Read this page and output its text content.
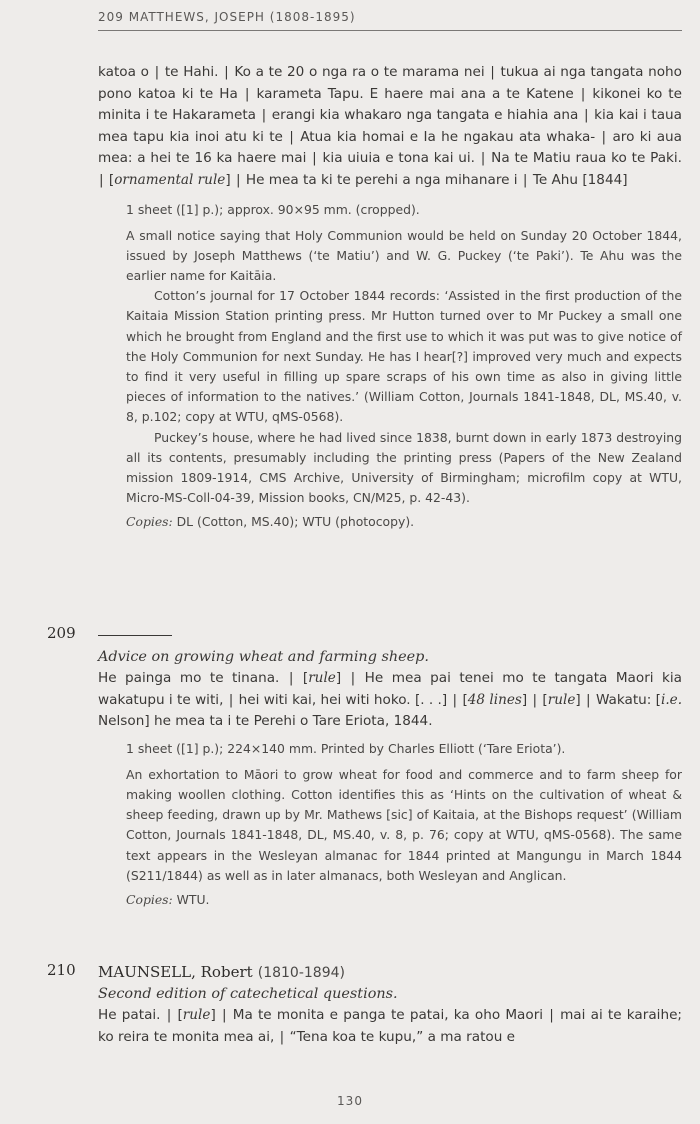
209 MATTHEWS, JOSEPH (1808-1895)

katoa o | te Hahi. | Ko a te 20 o nga ra o te marama nei | tukua ai nga tangata noho pono katoa ki te Ha | karameta Tapu. E haere mai ana a te Katene | kikonei ko te minita i te Hakarameta | erangi kia whakaro nga tangata e hiahia ana | kia kai i taua mea tapu kia inoi atu ki te | Atua kia homai e Ia he ngakau ata whaka- | aro ki aua mea: a hei te 16 ka haere mai | kia uiuia e tona kai ui. | Na te Matiu raua ko te Paki. | [ornamental rule] | He mea ta ki te perehi a nga mihanare i | Te Ahu [1844]

1 sheet ([1] p.); approx. 90×95 mm. (cropped).

A small notice saying that Holy Communion would be held on Sunday 20 October 1844, issued by Joseph Matthews (‘te Matiu’) and W. G. Puckey (‘te Paki’). Te Ahu was the earlier name for Kaitāia.

Cotton’s journal for 17 October 1844 records: ‘Assisted in the first production of the Kaitaia Mission Station printing press. Mr Hutton turned over to Mr Puckey a small one which he brought from England and the first use to which it was put was to give notice of the Holy Communion for next Sunday. He has I hear[?] improved very much and expects to find it very useful in filling up spare scraps of his own time as also in giving little pieces of information to the natives.’ (William Cotton, Journals 1841-1848, DL, MS.40, v. 8, p.102; copy at WTU, qMS-0568).

Puckey’s house, where he had lived since 1838, burnt down in early 1873 destroying all its contents, presumably including the printing press (Papers of the New Zealand mission 1809-1914, CMS Archive, University of Birmingham; microfilm copy at WTU, Micro-MS-Coll-04-39, Mission books, CN/M25, p. 42-43).

Copies: DL (Cotton, MS.40); WTU (photocopy).

209

Advice on growing wheat and farming sheep.

He painga mo te tinana. | [rule] | He mea pai tenei mo te tangata Maori kia wakatupu i te witi, | hei witi kai, hei witi hoko. [. . .] | [48 lines] | [rule] | Wakatu: [i.e. Nelson] he mea ta i te Perehi o Tare Eriota, 1844.

1 sheet ([1] p.); 224×140 mm. Printed by Charles Elliott (‘Tare Eriota’).

An exhortation to Māori to grow wheat for food and commerce and to farm sheep for making woollen clothing. Cotton identifies this as ‘Hints on the cultivation of wheat & sheep feeding, drawn up by Mr. Mathews [sic] of Kaitaia, at the Bishops request’ (William Cotton, Journals 1841-1848, DL, MS.40, v. 8, p. 76; copy at WTU, qMS-0568). The same text appears in the Wesleyan almanac for 1844 printed at Mangungu in March 1844 (S211/1844) as well as in later almanacs, both Wesleyan and Anglican.

Copies: WTU.

210 MAUNSELL, Robert (1810-1894)

Second edition of catechetical questions.

He patai. | [rule] | Ma te monita e panga te patai, ka oho Maori | mai ai te karaihe; ko reira te monita mea ai, | “Tena koa te kupu,” a ma ratou e

130
